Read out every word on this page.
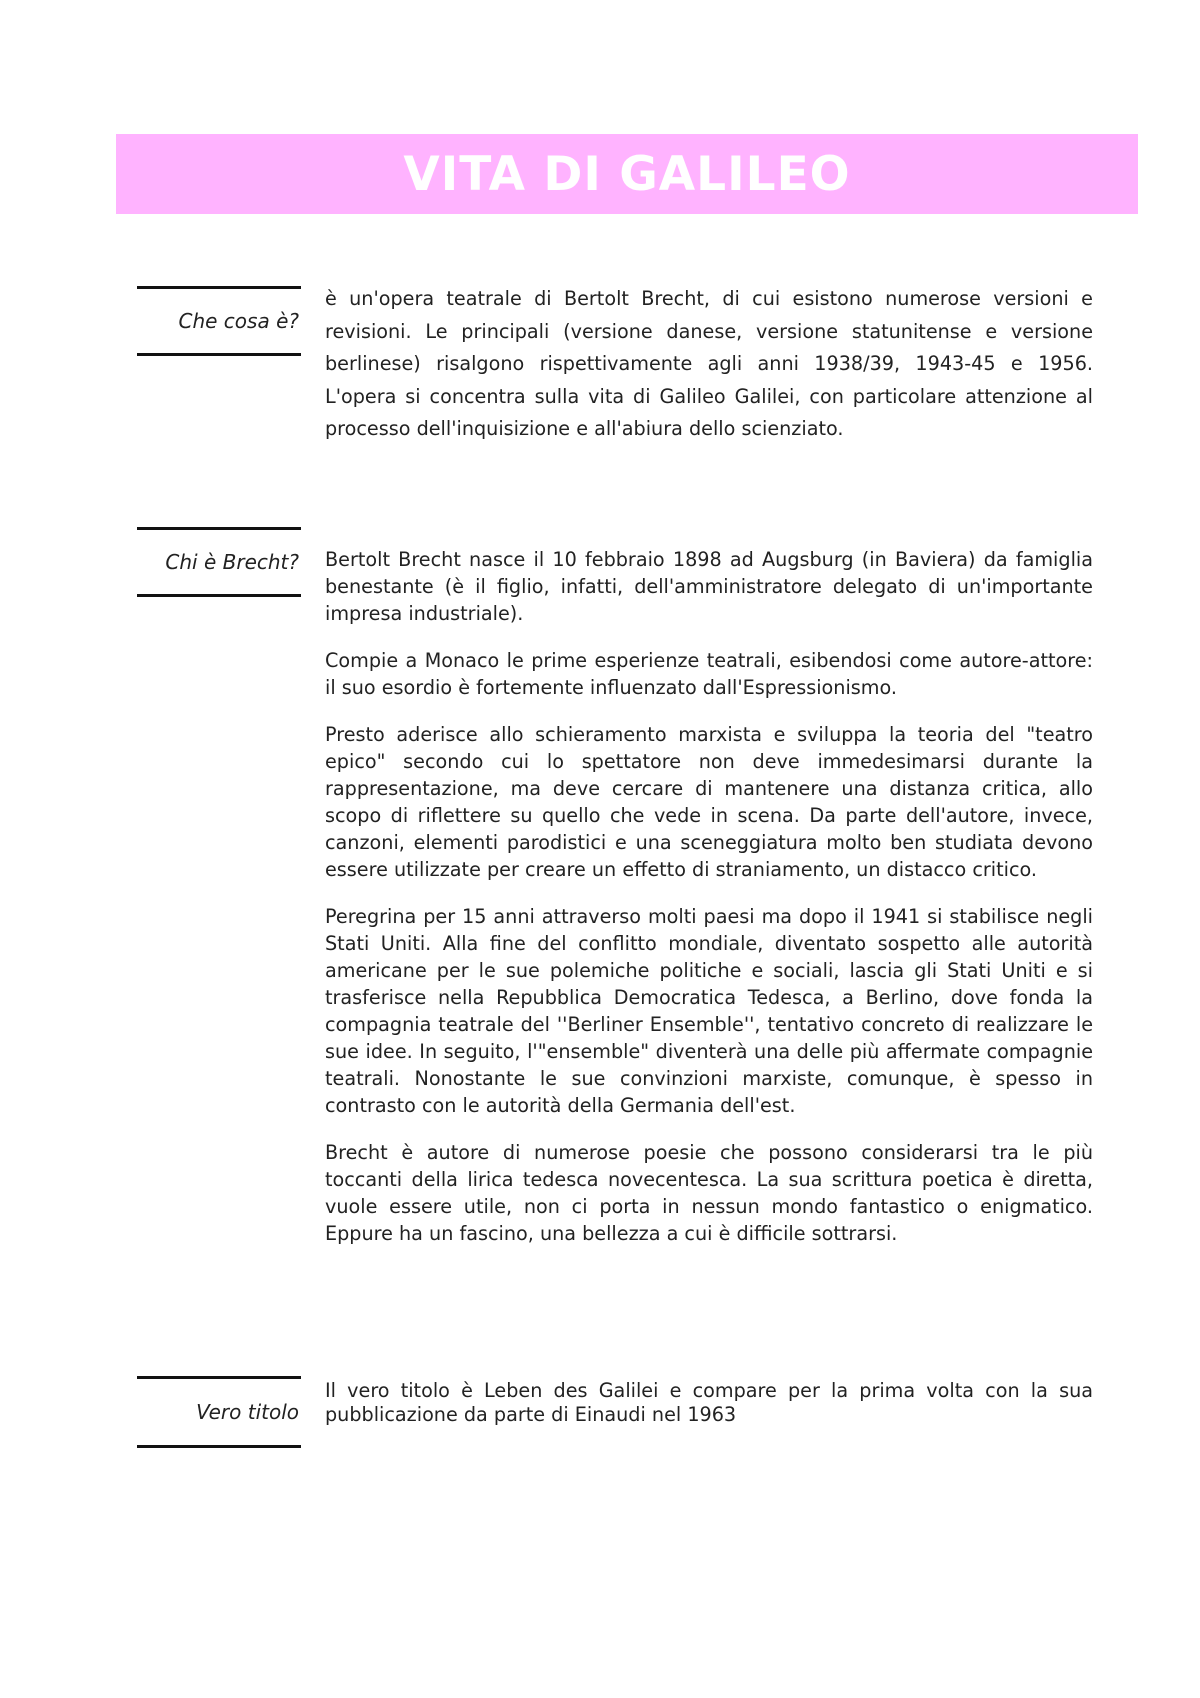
VITA DI GALILEO
Che cosa è?

è un'opera teatrale di Bertolt Brecht, di cui esistono numerose versioni e revisioni. Le principali (versione danese, versione statunitense e versione berlinese) risalgono rispettivamente agli anni 1938/39, 1943-45 e 1956. L'opera si concentra sulla vita di Galileo Galilei, con particolare attenzione al processo dell'inquisizione e all'abiura dello scienziato.

Chi è Brecht? Bertolt Brecht nasce il 10 febbraio 1898 ad Augsburg (in Baviera) da famiglia benestante (è il figlio, infatti, dell'amministratore delegato di un'importante impresa industriale).

Compie a Monaco le prime esperienze teatrali, esibendosi come autore-attore: il suo esordio è fortemente influenzato dall'Espressionismo.

Presto aderisce allo schieramento marxista e sviluppa la teoria del "teatro epico" secondo cui lo spettatore non deve immedesimarsi durante la rappresentazione, ma deve cercare di mantenere una distanza critica, allo scopo di riflettere su quello che vede in scena. Da parte dell'autore, invece, canzoni, elementi parodistici e una sceneggiatura molto ben studiata devono essere utilizzate per creare un effetto di straniamento, un distacco critico.

Peregrina per 15 anni attraverso molti paesi ma dopo il 1941 si stabilisce negli Stati Uniti. Alla fine del conflitto mondiale, diventato sospetto alle autorità americane per le sue polemiche politiche e sociali, lascia gli Stati Uniti e si trasferisce nella Repubblica Democratica Tedesca, a Berlino, dove fonda la compagnia teatrale del ''Berliner Ensemble'', tentativo concreto di realizzare le sue idee. In seguito, l'"ensemble" diventerà una delle più affermate compagnie teatrali. Nonostante le sue convinzioni marxiste, comunque, è spesso in contrasto con le autorità della Germania dell'est.

Brecht è autore di numerose poesie che possono considerarsi tra le più toccanti della lirica tedesca novecentesca. La sua scrittura poetica è diretta, vuole essere utile, non ci porta in nessun mondo fantastico o enigmatico. Eppure ha un fascino, una bellezza a cui è difficile sottrarsi.

Vero titolo

Il vero titolo è Leben des Galilei e compare per la prima volta con la sua pubblicazione da parte di Einaudi nel 1963
